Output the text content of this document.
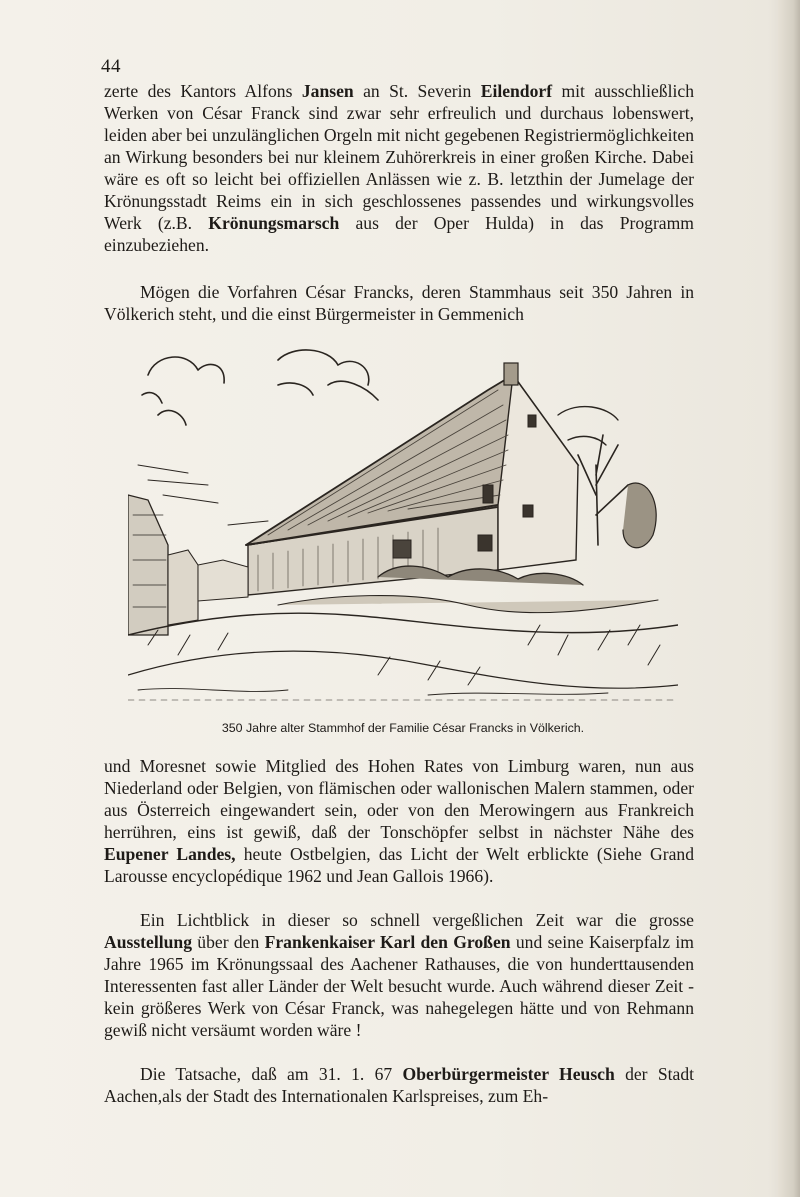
44

zerte des Kantors Alfons Jansen an St. Severin Eilendorf mit ausschließlich Werken von César Franck sind zwar sehr erfreulich und durchaus lobenswert, leiden aber bei unzulänglichen Orgeln mit nicht gegebenen Registriermöglichkeiten an Wirkung besonders bei nur kleinem Zuhörerkreis in einer großen Kirche. Dabei wäre es oft so leicht bei offiziellen Anlässen wie z. B. letzthin der Jumelage der Krönungsstadt Reims ein in sich geschlossenes passendes und wirkungsvolles Werk (z.B. Krönungsmarsch aus der Oper Hulda) in das Programm einzubeziehen.

Mögen die Vorfahren César Francks, deren Stammhaus seit 350 Jahren in Völkerich steht, und die einst Bürgermeister in Gemmenich

350 Jahre alter Stammhof der Familie César Francks in Völkerich.

und Moresnet sowie Mitglied des Hohen Rates von Limburg waren, nun aus Niederland oder Belgien, von flämischen oder wallonischen Malern stammen, oder aus Österreich eingewandert sein, oder von den Merowingern aus Frankreich herrühren, eins ist gewiß, daß der Tonschöpfer selbst in nächster Nähe des Eupener Landes, heute Ostbelgien, das Licht der Welt erblickte (Siehe Grand Larousse encyclopédique 1962 und Jean Gallois 1966).

Ein Lichtblick in dieser so schnell vergeßlichen Zeit war die grosse Ausstellung über den Frankenkaiser Karl den Großen und seine Kaiserpfalz im Jahre 1965 im Krönungssaal des Aachener Rathauses, die von hunderttausenden Interessenten fast aller Länder der Welt besucht wurde. Auch während dieser Zeit - kein größeres Werk von César Franck, was nahegelegen hätte und von Rehmann gewiß nicht versäumt worden wäre !

Die Tatsache, daß am 31. 1. 67 Oberbürgermeister Heusch der Stadt Aachen,als der Stadt des Internationalen Karlspreises, zum Eh-
